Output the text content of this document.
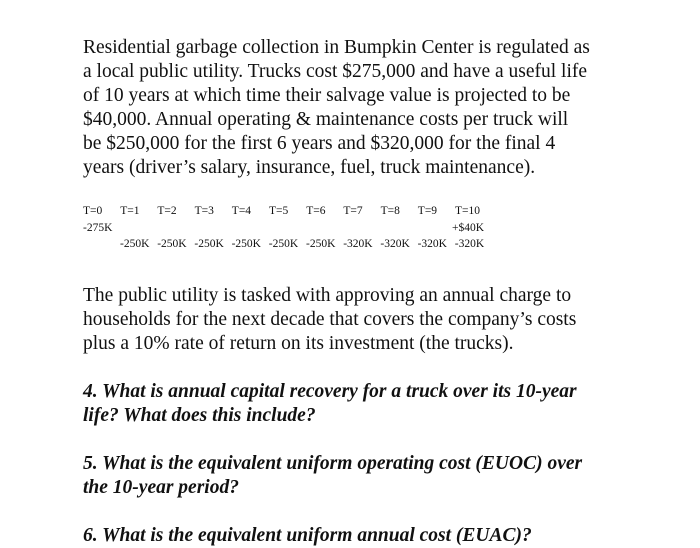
Residential garbage collection in Bumpkin Center is regulated as
a local public utility. Trucks cost $275,000 and have a useful life
of 10 years at which time their salvage value is projected to be
$40,000. Annual operating & maintenance costs per truck will
be $250,000 for the first 6 years and $320,000 for the final 4
years (driver’s salary, insurance, fuel, truck maintenance).
T=0 T=1 T=2 T=3 T=4 T=5 T=6 T=7 T=8 T=9 T=10
-275K	+$40K
-250K -250K -250K -250K -250K -250K -320K -320K -320K -320K
The public utility is tasked with approving an annual charge to
households for the next decade that covers the company’s costs
plus a 10% rate of return on its investment (the trucks).
4. What is annual capital recovery for a truck over its 10-year
life? What does this include?
5. What is the equivalent uniform operating cost (EUOC) over
the 10-year period?
6. What is the equivalent uniform annual cost (EUAC)?
